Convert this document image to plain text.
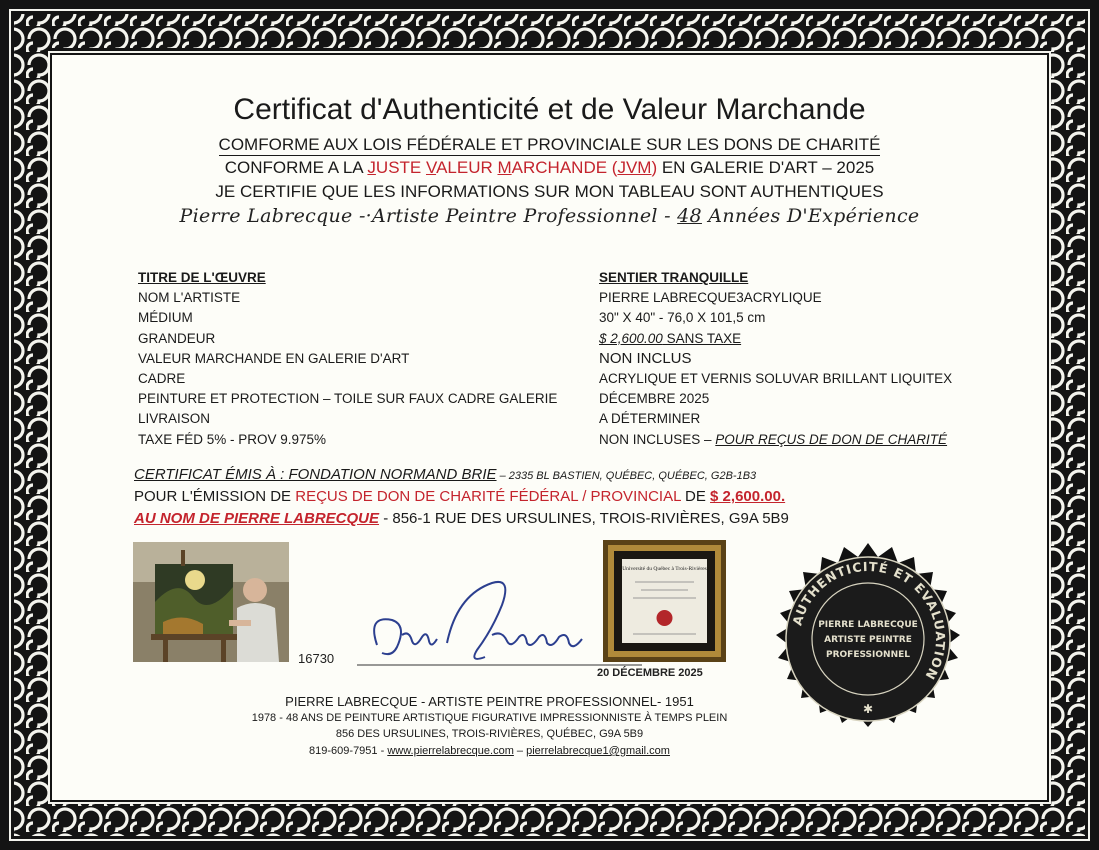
Certificat d'Authenticité et de Valeur Marchande
COMFORME AUX LOIS FÉDÉRALE ET PROVINCIALE SUR LES DONS DE CHARITÉ
CONFORME A LA JUSTE VALEUR MARCHANDE (JVM) EN GALERIE D'ART – 2025
JE CERTIFIE QUE LES INFORMATIONS SUR MON TABLEAU SONT AUTHENTIQUES
Pierre Labrecque -·Artiste Peintre Professionnel - 48 Années D'Expérience
TITRE DE L'ŒUVRE
NOM L'ARTISTE
MÉDIUM
GRANDEUR
VALEUR MARCHANDE EN GALERIE D'ART
CADRE
PEINTURE ET PROTECTION – TOILE SUR FAUX CADRE GALERIE
LIVRAISON
TAXE FÉD 5% - PROV 9.975%
SENTIER TRANQUILLE
PIERRE LABRECQUE3ACRYLIQUE
30" X 40" - 76,0 X 101,5 cm
$ 2,600.00 SANS TAXE
NON INCLUS
ACRYLIQUE ET VERNIS SOLUVAR BRILLANT LIQUITEX
DÉCEMBRE 2025
A DÉTERMINER
NON INCLUSES – POUR REÇUS DE DON DE CHARITÉ
CERTIFICAT ÉMIS À : FONDATION NORMAND BRIE – 2335 BL BASTIEN, QUÉBEC, QUÉBEC, G2B-1B3
POUR L'ÉMISSION DE REÇUS DE DON DE CHARITÉ FÉDÉRAL / PROVINCIAL DE $ 2,600.00.
AU NOM DE PIERRE LABRECQUE - 856-1 RUE DES URSULINES, TROIS-RIVIÈRES, G9A 5B9
16730
Université du Québec à Trois-Rivières
20 DÉCEMBRE 2025
AUTHENTICITÉ ET EVALUATION
PIERRE LABRECQUE
ARTISTE PEINTRE
PROFESSIONNEL
✱
PIERRE LABRECQUE - ARTISTE PEINTRE PROFESSIONNEL- 1951
1978 - 48 ANS DE PEINTURE ARTISTIQUE FIGURATIVE IMPRESSIONNISTE À TEMPS PLEIN
856 DES URSULINES, TROIS-RIVIÈRES, QUÉBEC, G9A 5B9
819-609-7951 - www.pierrelabrecque.com – pierrelabrecque1@gmail.com
